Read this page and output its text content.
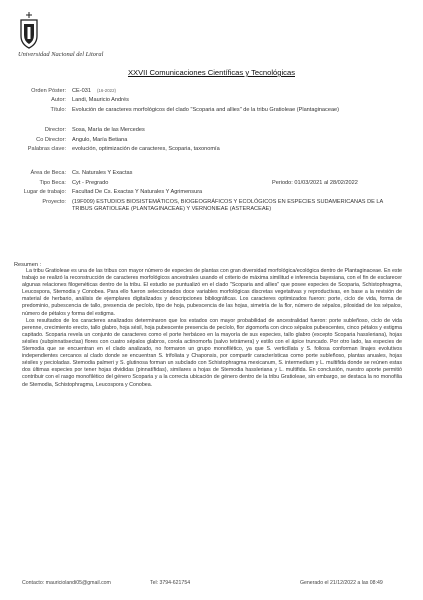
Universidad Nacional del Litoral
XXVII Comunicaciones Científicas y Tecnológicas
Orden Póster: CE-031 (16-2022)
Autor: Landi, Mauricio Andrés
Título: Evolución de caracteres morfológicos del clado "Scoparia and allies" de la tribu Gratioleae (Plantaginaceae)
Director: Sosa, María de las Mercedes
Co Director: Angulo, María Betiana
Palabras clave: evolución, optimización de caracteres, Scoparia, taxonomía
Área de Beca: Cs. Naturales Y Exactas
Tipo Beca: Cyt - Pregrado	Periodo: 01/03/2021 al 28/02/2022
Lugar de trabajo: Facultad De Cs. Exactas Y Naturales Y Agrimensura
Proyecto: (19F009) ESTUDIOS BIOSISTEMÁTICOS, BIOGEOGRÁFICOS Y ECOLÓGICOS EN ESPECIES SUDAMERICANAS DE LA TRIBUS GRATIOLEAE (PLANTAGINACEAE) Y VERNONIEAE (ASTERACEAE)
Resumen :

La tribu Gratioleae es una de las tribus con mayor número de especies de plantas con gran diversidad morfológica/ecológica dentro de Plantaginaceae. En este trabajo se realizó la reconstrucción de caracteres morfológicos ancestrales usando el criterio de máxima similitud e inferencia bayesiana, con el fin de esclarecer algunas relaciones filogenéticas dentro de la tribu. El estudio se puntualizó en el clado "Scoparia and allies" que posee especies de Scoparia, Schistophragma, Leucospora, Stemodia y Conobea. Para ello fueron seleccionados doce variables morfológicas discretas vegetativas y reproductivas, en base a la revisión de material de herbario, análisis de ejemplares digitalizados y descripciones bibliográficas. Los caracteres optimizados fueron: porte, ciclo de vida, forma de predominio, pubescencia de tallo, presencia de pecíolo, tipo de hoja, pubescencia de las hojas, simetría de la flor, número de sépalos, pilosidad de los sépalos, número de pétalos y forma del estigma.

Los resultados de los caracteres analizados determinaron que los estados con mayor probabilidad de ancestralidad fueron: porte subleñoso, ciclo de vida perenne, crecimiento erecto, tallo glabro, hoja sésil, hoja pubescente presencia de pecíolo, flor zigomorfa con cinco sépalos pubescentes, cinco pétalos y estigma capitado. Scoparia revela un conjunto de caracteres como el porte herbáceo en la mayoría de sus especies, tallo glabro (excepto Scoparia hassleriana), hojas sésiles (subpinnatisectas) flores con cuatro sépalos glabros, corola actinomorfa (salvo tetrámera) y estilo con el ápice truncado. Por otro lado, las especies de Stemodia que se encuentran en el clado analizado, no formaron un grupo monofilético, ya que S. verticillata y S. foliosa conforman linajes evolutivos independientes cercanos al clado donde se encuentran S. trifoliata y Chaponsis, por compartir características como porte subleñoso, plantas anuales, hojas sésiles y pecioladas. Stemodia palmeri y S. glutinosa forman un subclado con Schistophragma mexicanum, S. intermedium y L. multifida donde se reúnen estas dos últimas especies por tener hojas divididas (pinnatífidas), similares a hojas de Stemodia hassleriana y L. multifida. En conclusión, nuestro aporte permitió contribuir con el rasgo monofilético del género Scoparia y a la correcta ubicación de género dentro de la tribu Gratioleae, sin embargo, se destaca la no monofilia de Stemodia, Schistophragma, Leucospora y Conobea.

Contacto: mauriciolandi05@gmail.com	Tel: 3794-621754	Generado el 21/12/2022 a las 08:49
